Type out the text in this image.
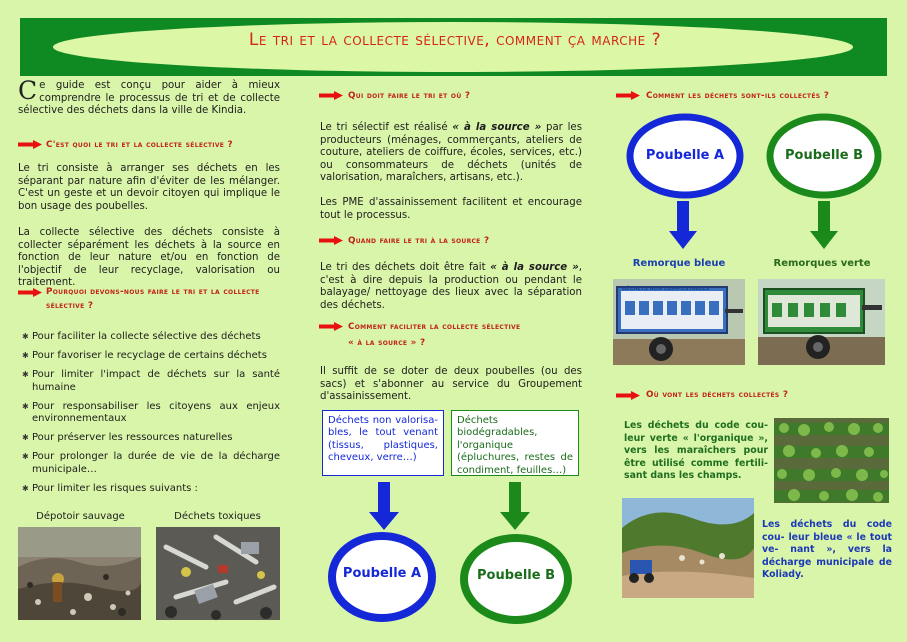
Le tri et la collecte sélective, comment ça marche ?
Ce guide est conçu pour aider à mieux comprendre le processus de tri et de collecte sélective des déchets dans la ville de Kindia.
C'est quoi le tri et la collecte sélective ?
Le tri consiste à arranger ses déchets en les séparant par nature afin d'éviter de les mélanger. C'est un geste et un devoir citoyen qui implique le bon usage des poubelles.
La collecte sélective des déchets consiste à collecter séparément les déchets à la source en fonction de leur nature et/ou en fonction de l'objectif de leur recyclage, valorisation ou traitement.
Pourquoi devons-nous faire le tri et la collecte sélective ?
✱ Pour faciliter la collecte sélective des déchets
✱ Pour favoriser le recyclage de certains déchets
✱ Pour limiter l'impact de déchets sur la santé humaine
✱ Pour responsabiliser les citoyens aux enjeux environnementaux
✱ Pour préserver les ressources naturelles
✱ Pour prolonger la durée de vie de la décharge municipale…
✱ Pour limiter les risques suivants :
Dépotoir sauvage	Déchets toxiques
Qui doit faire le tri et où ?
Le tri sélectif est réalisé « à la source » par les producteurs (ménages, commerçants, ateliers de couture, ateliers de coiffure, écoles, services, etc.) ou consommateurs de déchets (unités de valorisation, maraîchers, artisans, etc.).
Les PME d'assainissement facilitent et encourage tout le processus.
Quand faire le tri à la source ?
Le tri des déchets doit être fait « à la source », c'est à dire depuis la production ou pendant le balayage/ nettoyage des lieux avec la séparation des déchets.
Comment faciliter la collecte sélective
« à la source » ?
Il suffit de se doter de deux poubelles (ou des sacs) et s'abonner au service du Groupement d'assainissement.
Déchets non valorisa- bles, le tout venant (tissus, plastiques, cheveux, verre…)
Déchets biodégradables, l'organique (épluchures, restes de condiment, feuilles…)
Poubelle A	Poubelle B
Comment les déchets sont-ils collectés ?
Poubelle A	Poubelle B
Remorque bleue	Remorques verte
DÉCHETS NON COMPOSTABLES
Où vont les déchets collectés ?
Les déchets du code cou- leur verte « l'organique », vers les maraîchers pour être utilisé comme fertili- sant dans les champs.
Les déchets du code cou- leur bleue « le tout ve- nant », vers la décharge municipale de Koliady.
